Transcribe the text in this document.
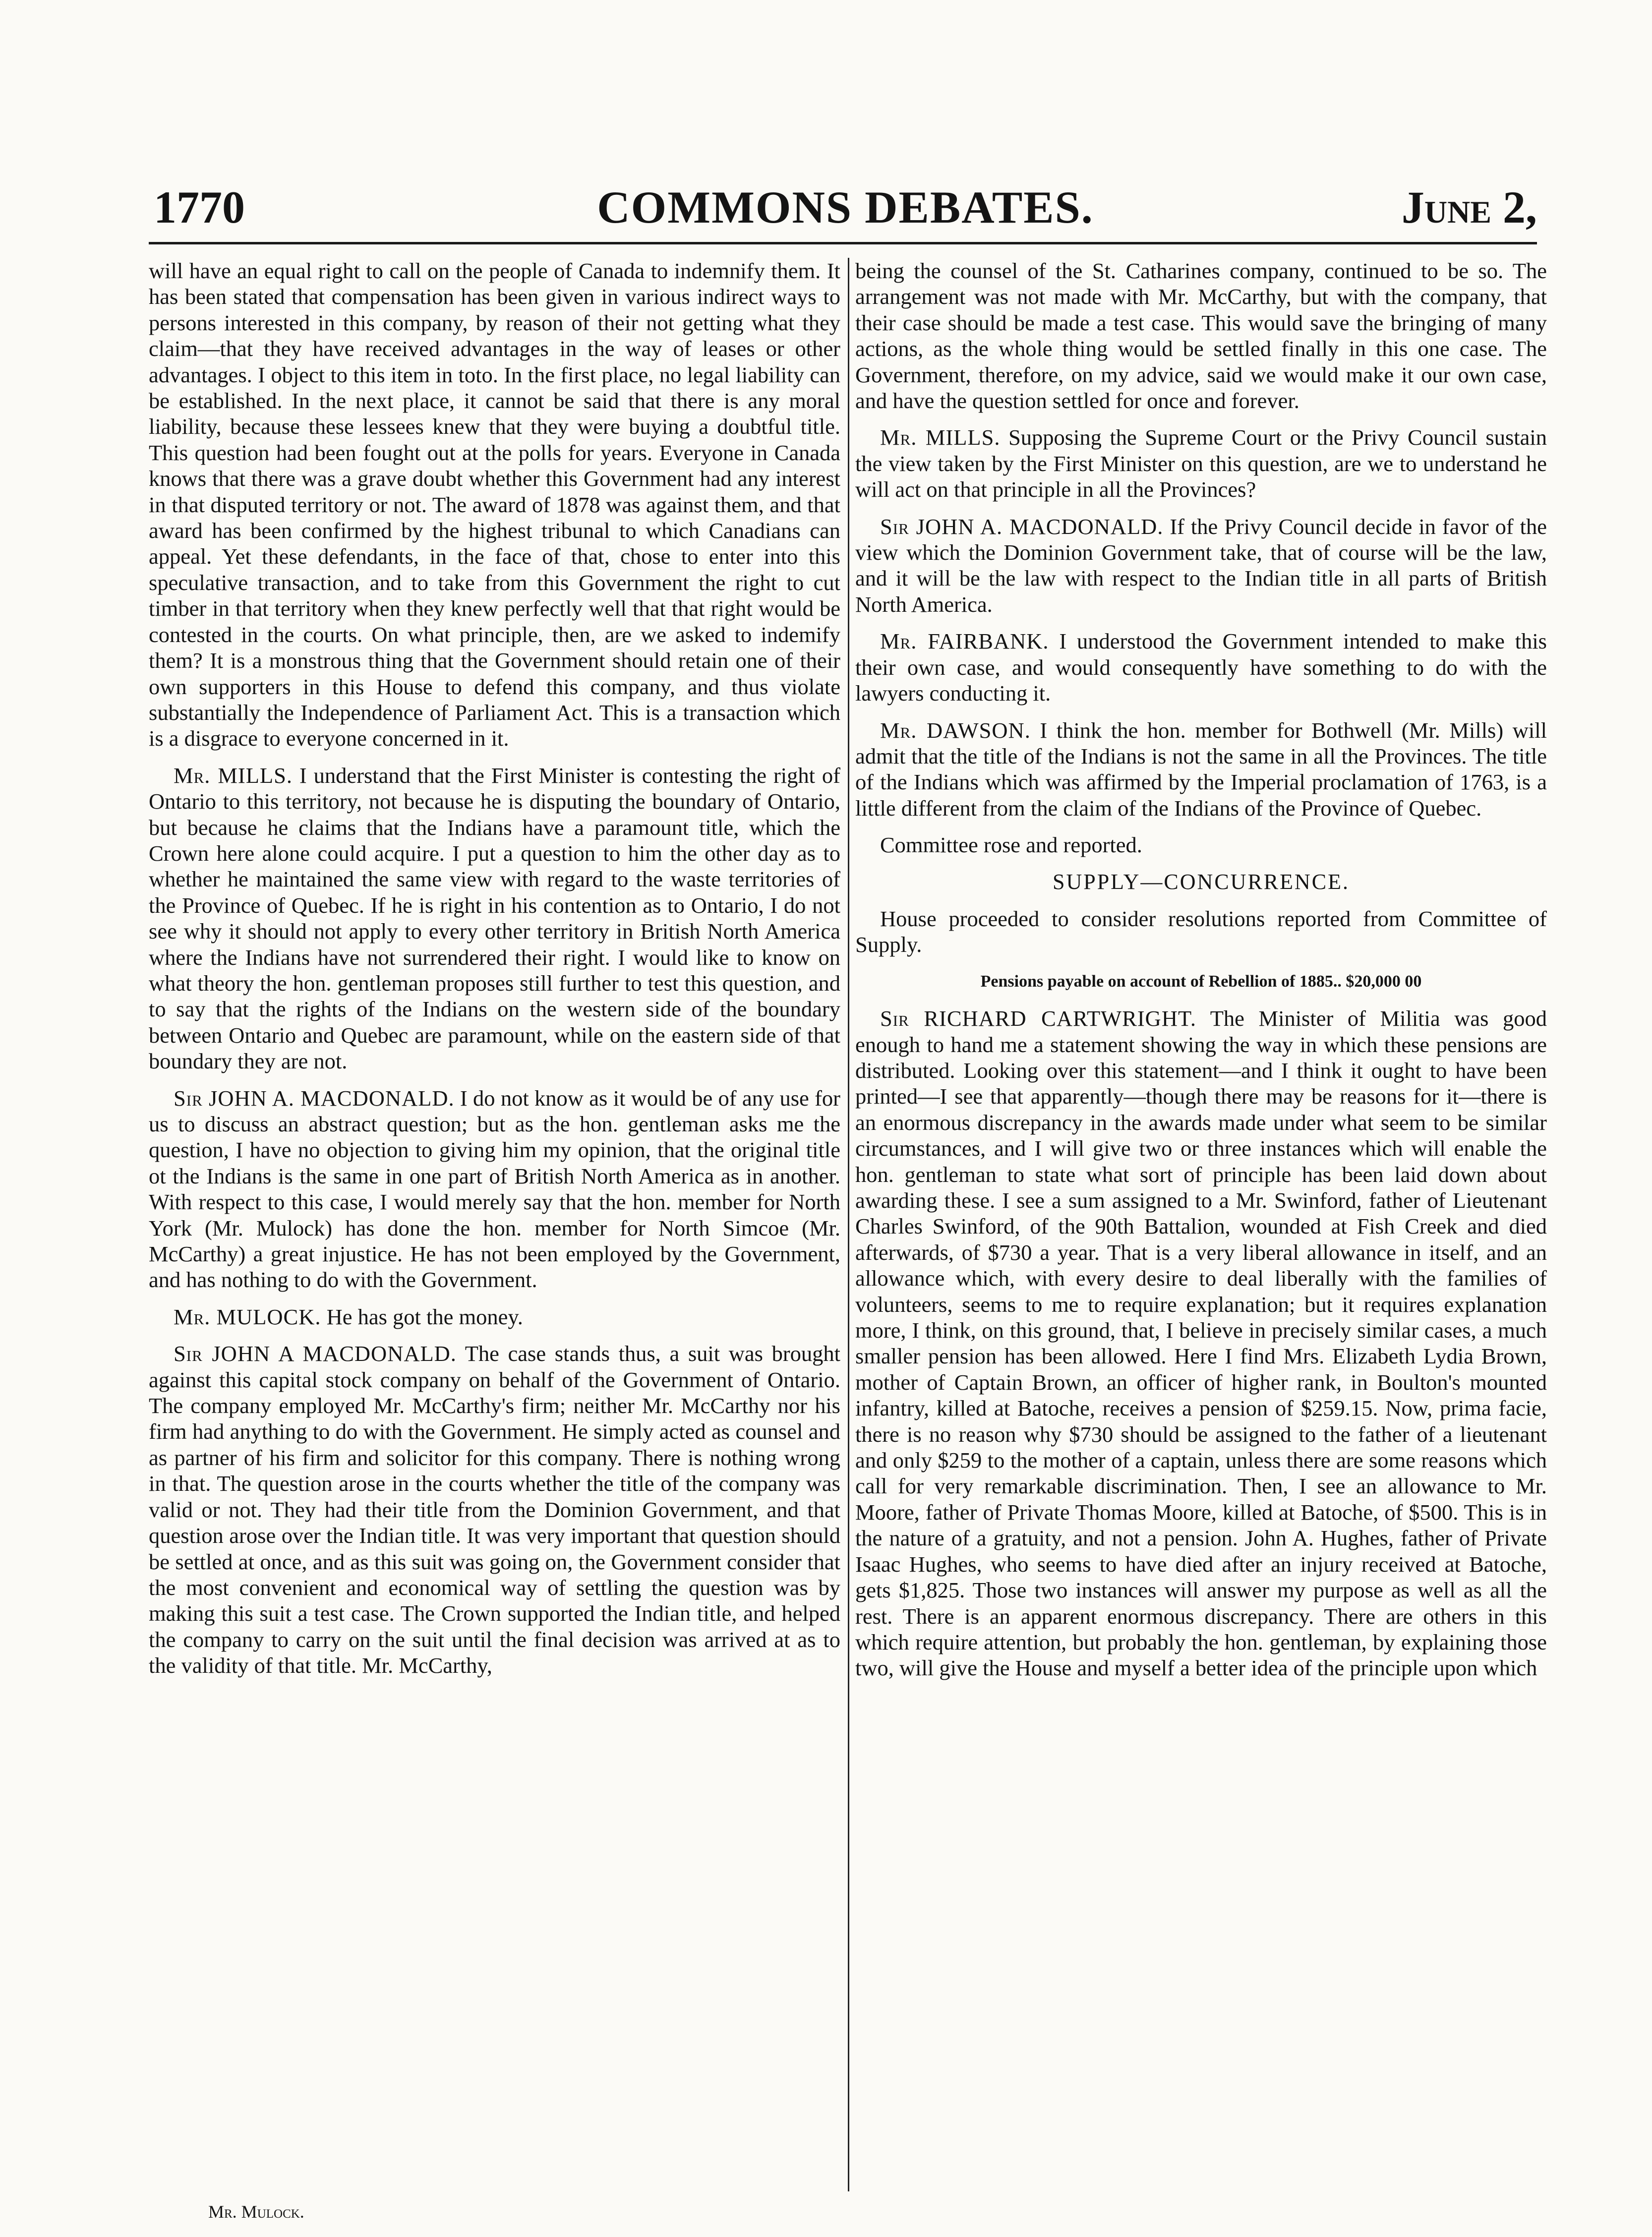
COMMONS DEBATES.
1770	June 2,

will have an equal right to call on the people of Canada to indemnify them. It has been stated that compensation has been given in various indirect ways to persons interested in this company, by reason of their not getting what they claim—that they have received advantages in the way of leases or other advantages. I object to this item in toto. In the first place, no legal liability can be established. In the next place, it cannot be said that there is any moral liability, because these lessees knew that they were buying a doubtful title. This question had been fought out at the polls for years. Everyone in Canada knows that there was a grave doubt whether this Government had any interest in that disputed territory or not. The award of 1878 was against them, and that award has been confirmed by the highest tribunal to which Canadians can appeal. Yet these defendants, in the face of that, chose to enter into this speculative transaction, and to take from this Government the right to cut timber in that territory when they knew perfectly well that that right would be contested in the courts. On what principle, then, are we asked to indemify them? It is a monstrous thing that the Government should retain one of their own supporters in this House to defend this company, and thus violate substantially the Independence of Parliament Act. This is a transaction which is a disgrace to everyone concerned in it.

Mr. MILLS. I understand that the First Minister is contesting the right of Ontario to this territory, not because he is disputing the boundary of Ontario, but because he claims that the Indians have a paramount title, which the Crown here alone could acquire. I put a question to him the other day as to whether he maintained the same view with regard to the waste territories of the Province of Quebec. If he is right in his contention as to Ontario, I do not see why it should not apply to every other territory in British North America where the Indians have not surrendered their right. I would like to know on what theory the hon. gentleman proposes still further to test this question, and to say that the rights of the Indians on the western side of the boundary between Ontario and Quebec are paramount, while on the eastern side of that boundary they are not.

Sir JOHN A. MACDONALD. I do not know as it would be of any use for us to discuss an abstract question; but as the hon. gentleman asks me the question, I have no objection to giving him my opinion, that the original title ot the Indians is the same in one part of British North America as in another. With respect to this case, I would merely say that the hon. member for North York (Mr. Mulock) has done the hon. member for North Simcoe (Mr. McCarthy) a great injustice. He has not been employed by the Government, and has nothing to do with the Government.

Mr. MULOCK. He has got the money.

Sir JOHN A MACDONALD. The case stands thus, a suit was brought against this capital stock company on behalf of the Government of Ontario. The company employed Mr. McCarthy's firm; neither Mr. McCarthy nor his firm had anything to do with the Government. He simply acted as counsel and as partner of his firm and solicitor for this company. There is nothing wrong in that. The question arose in the courts whether the title of the company was valid or not. They had their title from the Dominion Government, and that question arose over the Indian title. It was very important that question should be settled at once, and as this suit was going on, the Government consider that the most convenient and economical way of settling the question was by making this suit a test case. The Crown supported the Indian title, and helped the company to carry on the suit until the final decision was arrived at as to the validity of that title. Mr. McCarthy,

being the counsel of the St. Catharines company, continued to be so. The arrangement was not made with Mr. McCarthy, but with the company, that their case should be made a test case. This would save the bringing of many actions, as the whole thing would be settled finally in this one case. The Government, therefore, on my advice, said we would make it our own case, and have the question settled for once and forever.

Mr. MILLS. Supposing the Supreme Court or the Privy Council sustain the view taken by the First Minister on this question, are we to understand he will act on that principle in all the Provinces?

Sir JOHN A. MACDONALD. If the Privy Council decide in favor of the view which the Dominion Government take, that of course will be the law, and it will be the law with respect to the Indian title in all parts of British North America.

Mr. FAIRBANK. I understood the Government intended to make this their own case, and would consequently have something to do with the lawyers conducting it.

Mr. DAWSON. I think the hon. member for Bothwell (Mr. Mills) will admit that the title of the Indians is not the same in all the Provinces. The title of the Indians which was affirmed by the Imperial proclamation of 1763, is a little different from the claim of the Indians of the Province of Quebec.

Committee rose and reported.

SUPPLY—CONCURRENCE.

House proceeded to consider resolutions reported from Committee of Supply.

Pensions payable on account of Rebellion of 1885.. $20,000 00

Sir RICHARD CARTWRIGHT. The Minister of Militia was good enough to hand me a statement showing the way in which these pensions are distributed. Looking over this statement—and I think it ought to have been printed—I see that apparently—though there may be reasons for it—there is an enormous discrepancy in the awards made under what seem to be similar circumstances, and I will give two or three instances which will enable the hon. gentleman to state what sort of principle has been laid down about awarding these. I see a sum assigned to a Mr. Swinford, father of Lieutenant Charles Swinford, of the 90th Battalion, wounded at Fish Creek and died afterwards, of $730 a year. That is a very liberal allowance in itself, and an allowance which, with every desire to deal liberally with the families of volunteers, seems to me to require explanation; but it requires explanation more, I think, on this ground, that, I believe in precisely similar cases, a much smaller pension has been allowed. Here I find Mrs. Elizabeth Lydia Brown, mother of Captain Brown, an officer of higher rank, in Boulton's mounted infantry, killed at Batoche, receives a pension of $259.15. Now, prima facie, there is no reason why $730 should be assigned to the father of a lieutenant and only $259 to the mother of a captain, unless there are some reasons which call for very remarkable discrimination. Then, I see an allowance to Mr. Moore, father of Private Thomas Moore, killed at Batoche, of $500. This is in the nature of a gratuity, and not a pension. John A. Hughes, father of Private Isaac Hughes, who seems to have died after an injury received at Batoche, gets $1,825. Those two instances will answer my purpose as well as all the rest. There is an apparent enormous discrepancy. There are others in this which require attention, but probably the hon. gentleman, by explaining those two, will give the House and myself a better idea of the principle upon which

Mr. Mulock.
